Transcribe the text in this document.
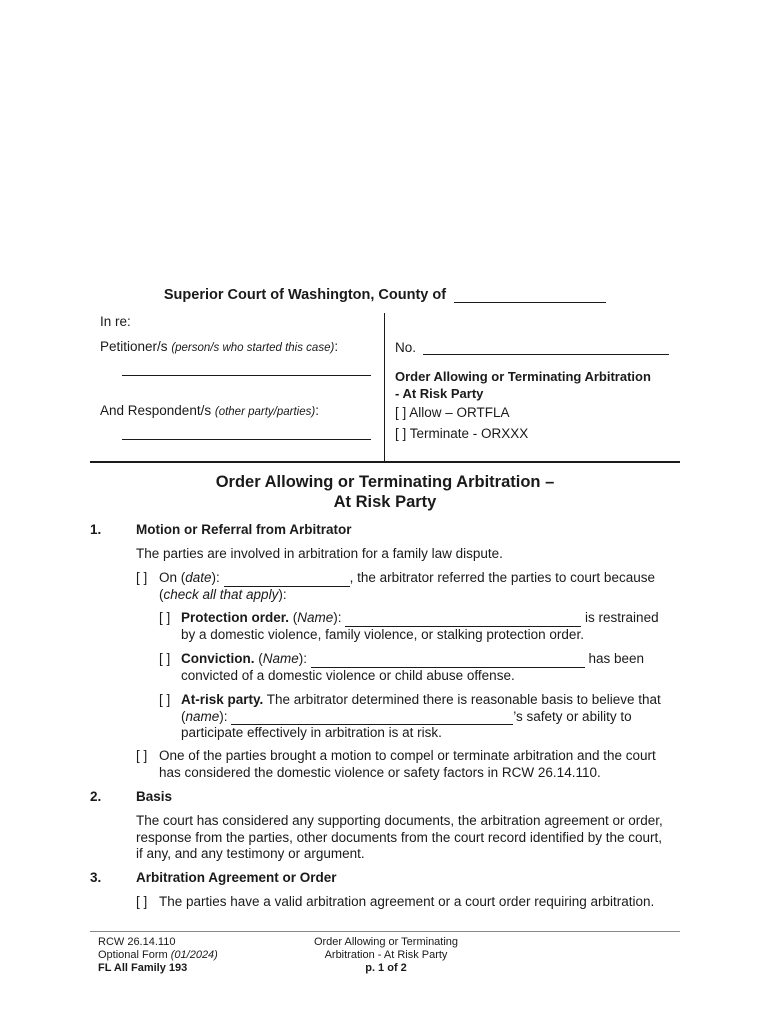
Superior Court of Washington, County of
In re:
Petitioner/s (person/s who started this case):
And Respondent/s (other party/parties):
No.
Order Allowing or Terminating Arbitration
- At Risk Party
[ ] Allow – ORTFLA
[ ] Terminate - ORXXX
Order Allowing or Terminating Arbitration –
At Risk Party
1.	Motion or Referral from Arbitrator
The parties are involved in arbitration for a family law dispute.
[ ] On (date):	, the arbitrator referred the parties to court because
(check all that apply):
[ ] Protection order. (Name):	is restrained
by a domestic violence, family violence, or stalking protection order.
[ ] Conviction. (Name):	has been
convicted of a domestic violence or child abuse offense.
[ ] At-risk party. The arbitrator determined there is reasonable basis to believe that
(name):	’s safety or ability to
participate effectively in arbitration is at risk.
[ ] One of the parties brought a motion to compel or terminate arbitration and the court
has considered the domestic violence or safety factors in RCW 26.14.110.
2.	Basis
The court has considered any supporting documents, the arbitration agreement or order,
response from the parties, other documents from the court record identified by the court,
if any, and any testimony or argument.
3.	Arbitration Agreement or Order
[ ] The parties have a valid arbitration agreement or a court order requiring arbitration.
RCW 26.14.110
Optional Form (01/2024)
FL All Family 193
Order Allowing or Terminating
Arbitration - At Risk Party
p. 1 of 2
